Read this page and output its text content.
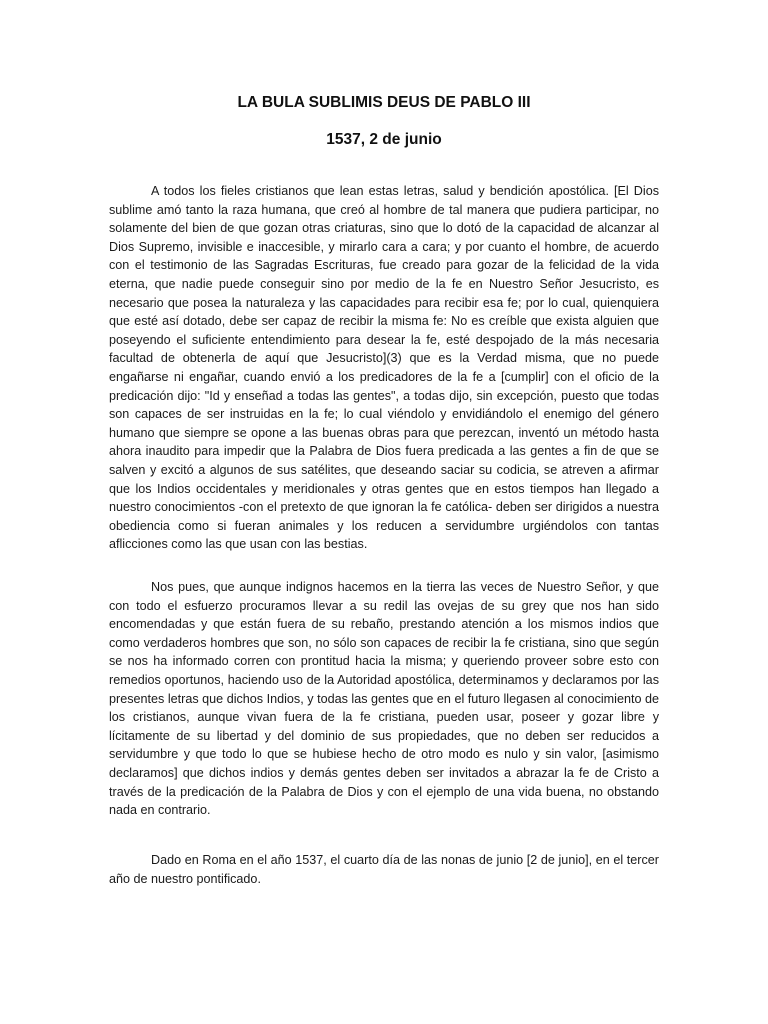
LA BULA SUBLIMIS DEUS DE PABLO III
1537, 2 de junio

A todos los fieles cristianos que lean estas letras, salud y bendición apostólica. [El Dios sublime amó tanto la raza humana, que creó al hombre de tal manera que pudiera participar, no solamente del bien de que gozan otras criaturas, sino que lo dotó de la capacidad de alcanzar al Dios Supremo, invisible e inaccesible, y mirarlo cara a cara; y por cuanto el hombre, de acuerdo con el testimonio de las Sagradas Escrituras, fue creado para gozar de la felicidad de la vida eterna, que nadie puede conseguir sino por medio de la fe en Nuestro Señor Jesucristo, es necesario que posea la naturaleza y las capacidades para recibir esa fe; por lo cual, quienquiera que esté así dotado, debe ser capaz de recibir la misma fe: No es creíble que exista alguien que poseyendo el suficiente entendimiento para desear la fe, esté despojado de la más necesaria facultad de obtenerla de aquí que Jesucristo](3) que es la Verdad misma, que no puede engañarse ni engañar, cuando envió a los predicadores de la fe a [cumplir] con el oficio de la predicación dijo: "Id y enseñad a todas las gentes", a todas dijo, sin excepción, puesto que todas son capaces de ser instruidas en la fe; lo cual viéndolo y envidiándolo el enemigo del género humano que siempre se opone a las buenas obras para que perezcan, inventó un método hasta ahora inaudito para impedir que la Palabra de Dios fuera predicada a las gentes a fin de que se salven y excitó a algunos de sus satélites, que deseando saciar su codicia, se atreven a afirmar que los Indios occidentales y meridionales y otras gentes que en estos tiempos han llegado a nuestro conocimientos -con el pretexto de que ignoran la fe católica- deben ser dirigidos a nuestra obediencia como si fueran animales y los reducen a servidumbre urgiéndolos con tantas aflicciones como las que usan con las bestias.

Nos pues, que aunque indignos hacemos en la tierra las veces de Nuestro Señor, y que con todo el esfuerzo procuramos llevar a su redil las ovejas de su grey que nos han sido encomendadas y que están fuera de su rebaño, prestando atención a los mismos indios que como verdaderos hombres que son, no sólo son capaces de recibir la fe cristiana, sino que según se nos ha informado corren con prontitud hacia la misma; y queriendo proveer sobre esto con remedios oportunos, haciendo uso de la Autoridad apostólica, determinamos y declaramos por las presentes letras que dichos Indios, y todas las gentes que en el futuro llegasen al conocimiento de los cristianos, aunque vivan fuera de la fe cristiana, pueden usar, poseer y gozar libre y lícitamente de su libertad y del dominio de sus propiedades, que no deben ser reducidos a servidumbre y que todo lo que se hubiese hecho de otro modo es nulo y sin valor, [asimismo declaramos] que dichos indios y demás gentes deben ser invitados a abrazar la fe de Cristo a través de la predicación de la Palabra de Dios y con el ejemplo de una vida buena, no obstando nada en contrario.

Dado en Roma en el año 1537, el cuarto día de las nonas de junio [2 de junio], en el tercer año de nuestro pontificado.
